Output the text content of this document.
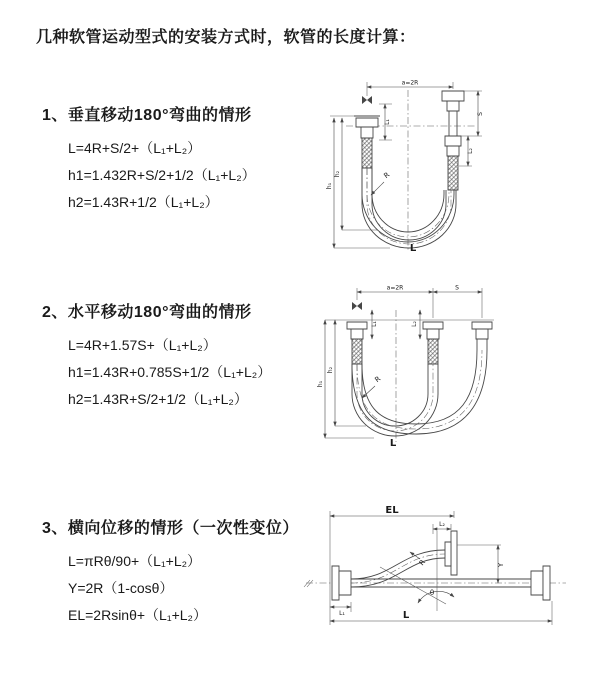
几种软管运动型式的安装方式时，软管的长度计算：
1、垂直移动180°弯曲的情形
L=4R+S/2+（L₁+L₂）
h1=1.432R+S/2+1/2（L₁+L₂）
h2=1.43R+1/2（L₁+L₂）
2、水平移动180°弯曲的情形
L=4R+1.57S+（L₁+L₂）
h1=1.43R+0.785S+1/2（L₁+L₂）
h2=1.43R+S/2+1/2（L₁+L₂）
3、横向位移的情形（一次性变位）
L=πRθ/90+（L₁+L₂）
Y=2R（1-cosθ）
EL=2Rsinθ+（L₁+L₂）
a=2R
h₁
h₂
L₁
S
L₂
R
L
a=2R	S
h₁
h₂
L₁	L₂
R
L
EL
L₂
θ
R	Y
L₁	L
